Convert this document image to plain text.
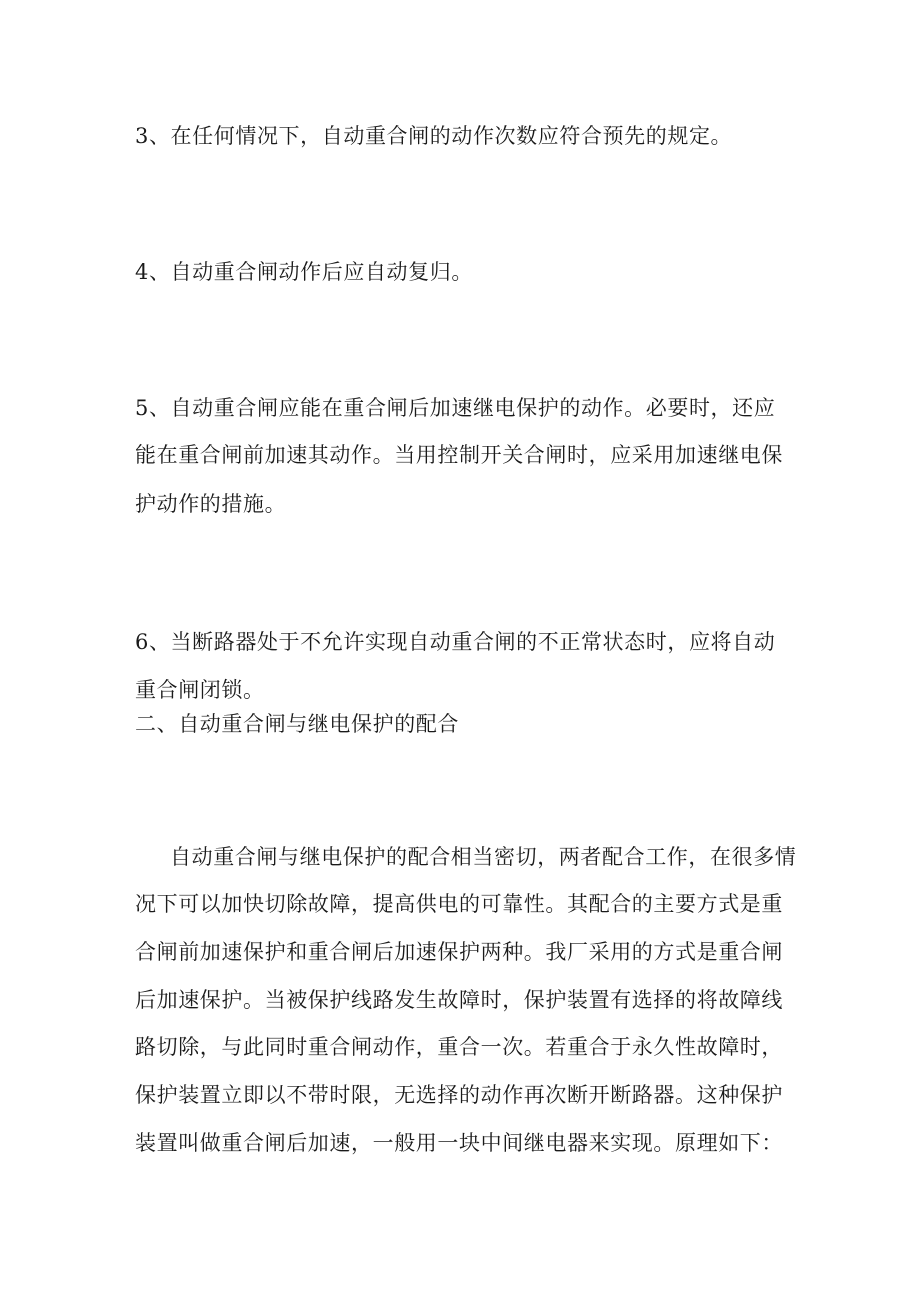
3、在任何情况下，自动重合闸的动作次数应符合预先的规定。
4、自动重合闸动作后应自动复归。
5、自动重合闸应能在重合闸后加速继电保护的动作。必要时，还应
能在重合闸前加速其动作。当用控制开关合闸时，应采用加速继电保
护动作的措施。
6、当断路器处于不允许实现自动重合闸的不正常状态时，应将自动
重合闸闭锁。
二、自动重合闸与继电保护的配合
自动重合闸与继电保护的配合相当密切，两者配合工作，在很多情
况下可以加快切除故障，提高供电的可靠性。其配合的主要方式是重
合闸前加速保护和重合闸后加速保护两种。我厂采用的方式是重合闸
后加速保护。当被保护线路发生故障时，保护装置有选择的将故障线
路切除，与此同时重合闸动作，重合一次。若重合于永久性故障时，
保护装置立即以不带时限，无选择的动作再次断开断路器。这种保护
装置叫做重合闸后加速，一般用一块中间继电器来实现。原理如下：
